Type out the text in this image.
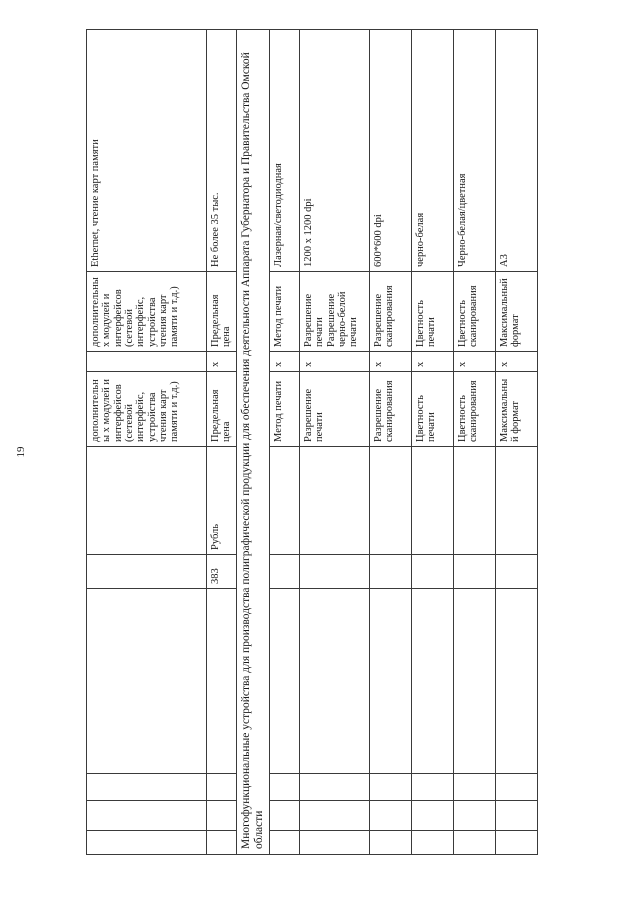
19
						дополнительны х модулей и интерфейсов (сетевой интерфейс, устройства чтения карт памяти и т.д.)		дополнительны х модулей и интерфейсов (сетевой интерфейс, устройства чтения карт памяти и т.д.)	Ethernet, чтение карт памяти
				383	Рубль	Предельная цена	x	Предельная цена	Не более 35 тыс.
Многофункциональные устройства для производства полиграфической продукции для обеспечения деятельности Аппарата Губернатора и Правительства Омской области									
						Метод печати	x	Метод печати	Лазерная/светодиодная
						Разрешение печати	x	Разрешение печати Разрешение черно-белой печати	1200 x 1200 dpi
						Разрешение сканирования	x	Разрешение сканирования	600*600 dpi
						Цветность печати	x	Цветность печати	черно-белая
						Цветность сканирования	x	Цветность сканирования	Черно-белая/цветная
						Максимальный формат	x	Максимальный формат	А3
